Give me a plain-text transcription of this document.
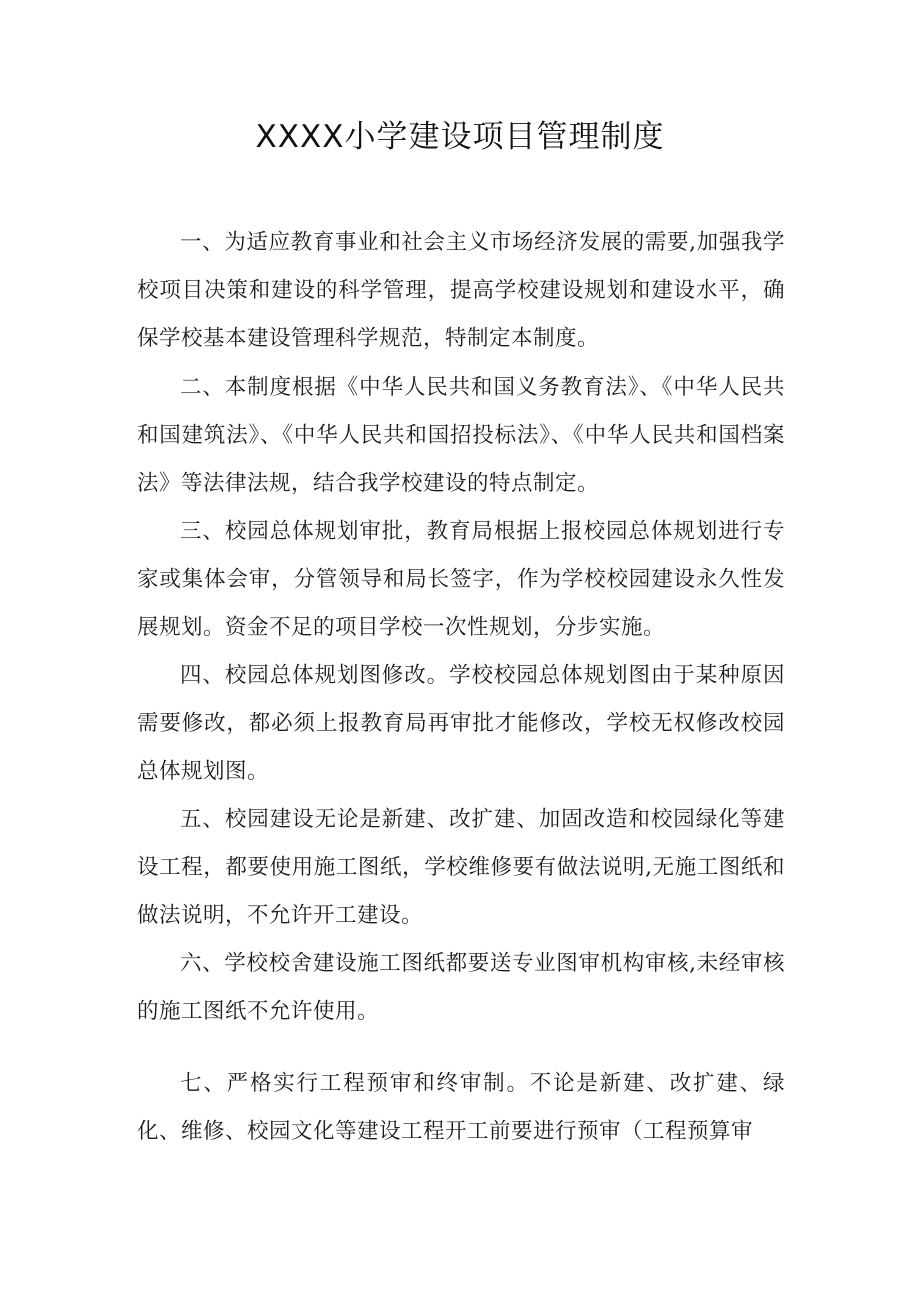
XXXX小学建设项目管理制度

一、为适应教育事业和社会主义市场经济发展的需要,加强我学校项目决策和建设的科学管理，提高学校建设规划和建设水平，确保学校基本建设管理科学规范，特制定本制度。

二、本制度根据《中华人民共和国义务教育法》、《中华人民共和国建筑法》、《中华人民共和国招投标法》、《中华人民共和国档案法》等法律法规，结合我学校建设的特点制定。

三、校园总体规划审批，教育局根据上报校园总体规划进行专家或集体会审，分管领导和局长签字，作为学校校园建设永久性发展规划。资金不足的项目学校一次性规划，分步实施。

四、校园总体规划图修改。学校校园总体规划图由于某种原因需要修改，都必须上报教育局再审批才能修改，学校无权修改校园总体规划图。

五、校园建设无论是新建、改扩建、加固改造和校园绿化等建设工程，都要使用施工图纸，学校维修要有做法说明,无施工图纸和做法说明，不允许开工建设。

六、学校校舍建设施工图纸都要送专业图审机构审核,未经审核的施工图纸不允许使用。

七、严格实行工程预审和终审制。不论是新建、改扩建、绿化、维修、校园文化等建设工程开工前要进行预审（工程预算审
